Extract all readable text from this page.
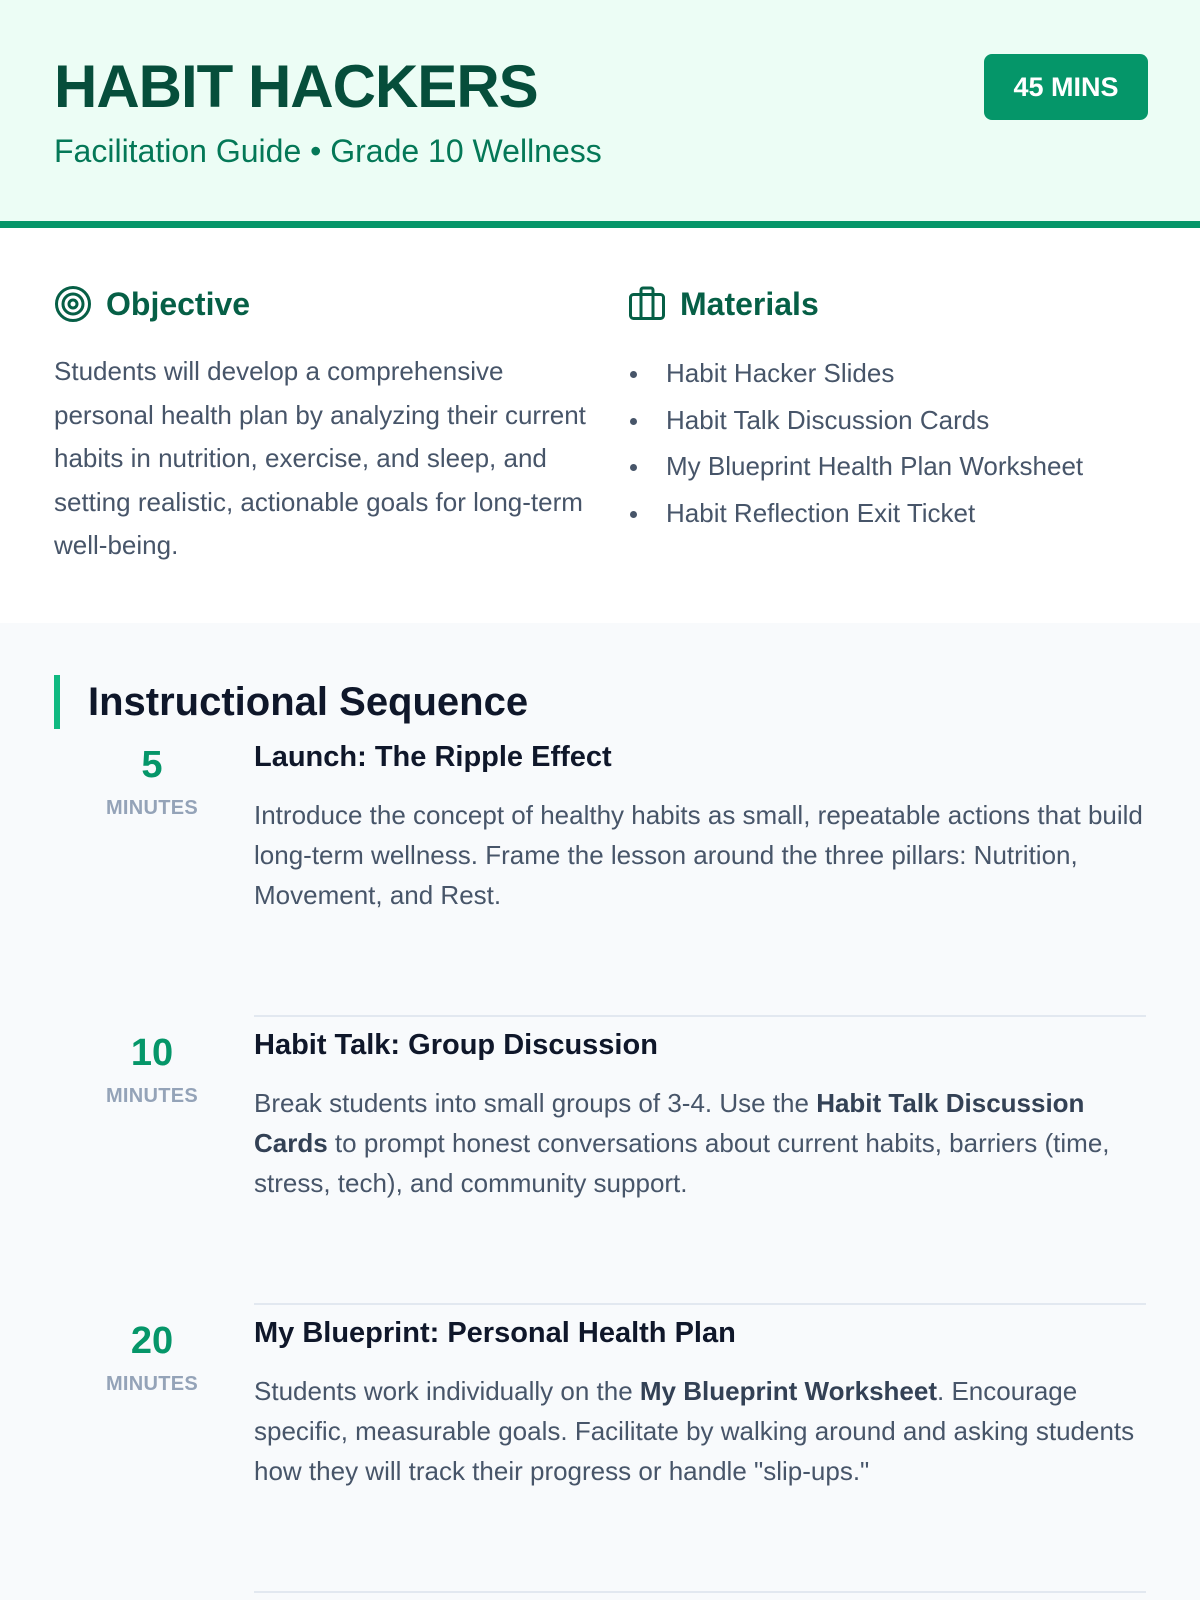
HABIT HACKERS
Facilitation Guide • Grade 10 Wellness
45 MINS
Objective

Students will develop a comprehensive personal health plan by analyzing their current habits in nutrition, exercise, and sleep, and setting realistic, actionable goals for long-term well-being.

Materials
Habit Hacker Slides
Habit Talk Discussion Cards
My Blueprint Health Plan Worksheet
Habit Reflection Exit Ticket
Instructional Sequence
5
MINUTES
Launch: The Ripple Effect

Introduce the concept of healthy habits as small, repeatable actions that build long-term wellness. Frame the lesson around the three pillars: Nutrition, Movement, and Rest.

10
MINUTES
Habit Talk: Group Discussion

Break students into small groups of 3-4. Use the Habit Talk Discussion Cards to prompt honest conversations about current habits, barriers (time, stress, tech), and community support.

20
MINUTES
My Blueprint: Personal Health Plan

Students work individually on the My Blueprint Worksheet. Encourage specific, measurable goals. Facilitate by walking around and asking students how they will track their progress or handle "slip-ups."
